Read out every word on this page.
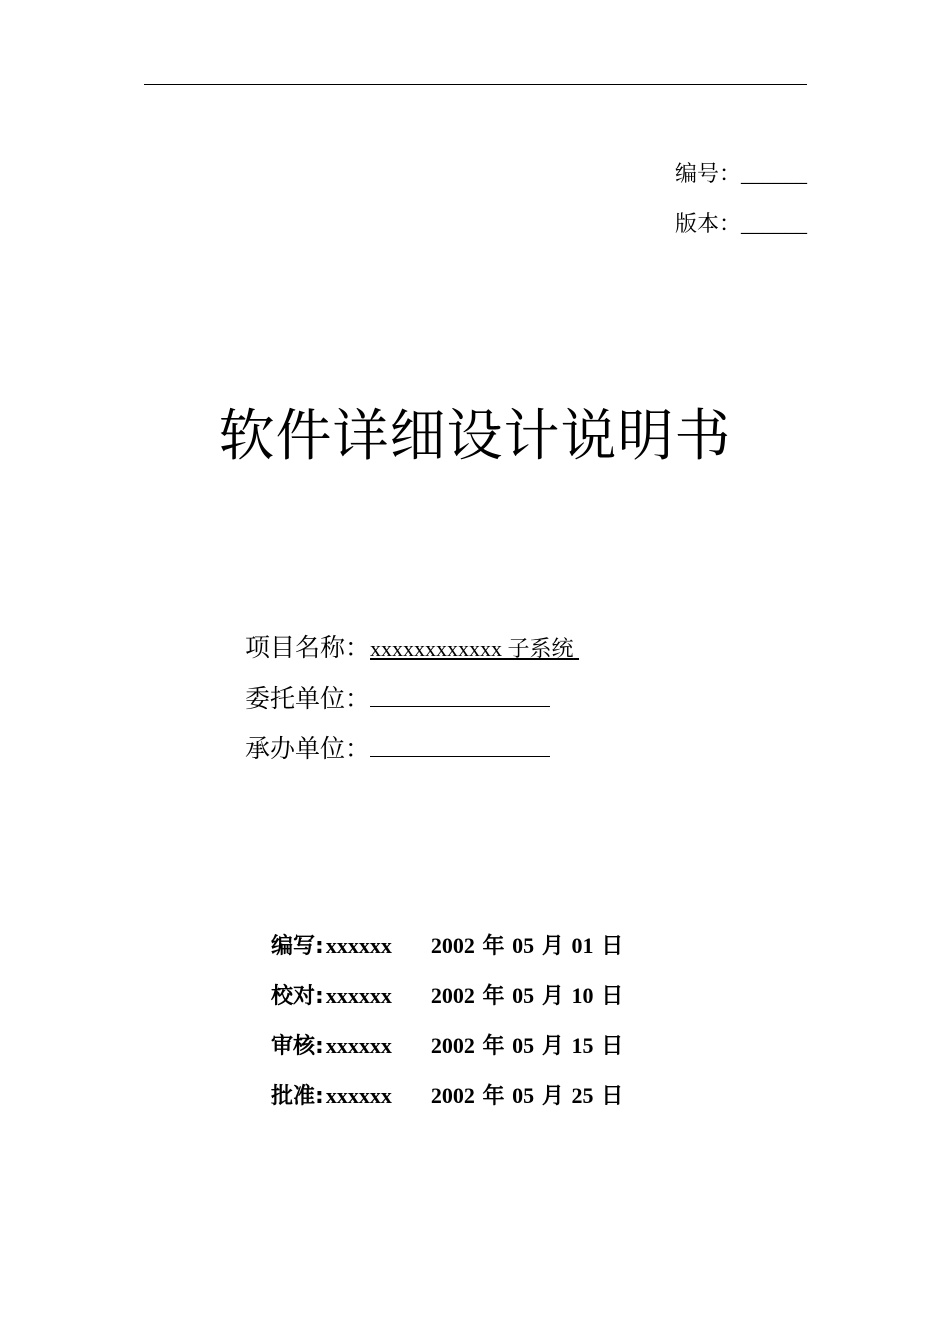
编号：______
版本：______
软件详细设计说明书
项目名称：xxxxxxxxxxxx 子系统
委托单位：
承办单位：
编写:xxxxxx 2002 年 05 月 01 日
校对:xxxxxx 2002 年 05 月 10 日
审核:xxxxxx 2002 年 05 月 15 日
批准:xxxxxx 2002 年 05 月 25 日
